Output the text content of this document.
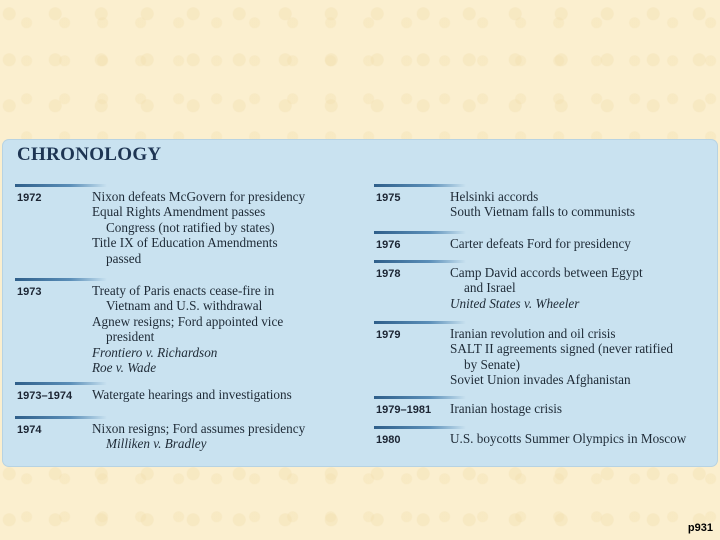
CHRONOLOGY
1972	Nixon defeats McGovern for presidency
Equal Rights Amendment passes
Congress (not ratified by states)
Title IX of Education Amendments
passed
1973	Treaty of Paris enacts cease-fire in
Vietnam and U.S. withdrawal
Agnew resigns; Ford appointed vice
president
Frontiero v. Richardson
Roe v. Wade
1973–1974 Watergate hearings and investigations
1974	Nixon resigns; Ford assumes presidency
Milliken v. Bradley
1975	Helsinki accords
South Vietnam falls to communists
1976	Carter defeats Ford for presidency
1978	Camp David accords between Egypt
and Israel
United States v. Wheeler
1979	Iranian revolution and oil crisis
SALT II agreements signed (never ratified
by Senate)
Soviet Union invades Afghanistan
1979–1981 Iranian hostage crisis
1980	U.S. boycotts Summer Olympics in Moscow
p931
